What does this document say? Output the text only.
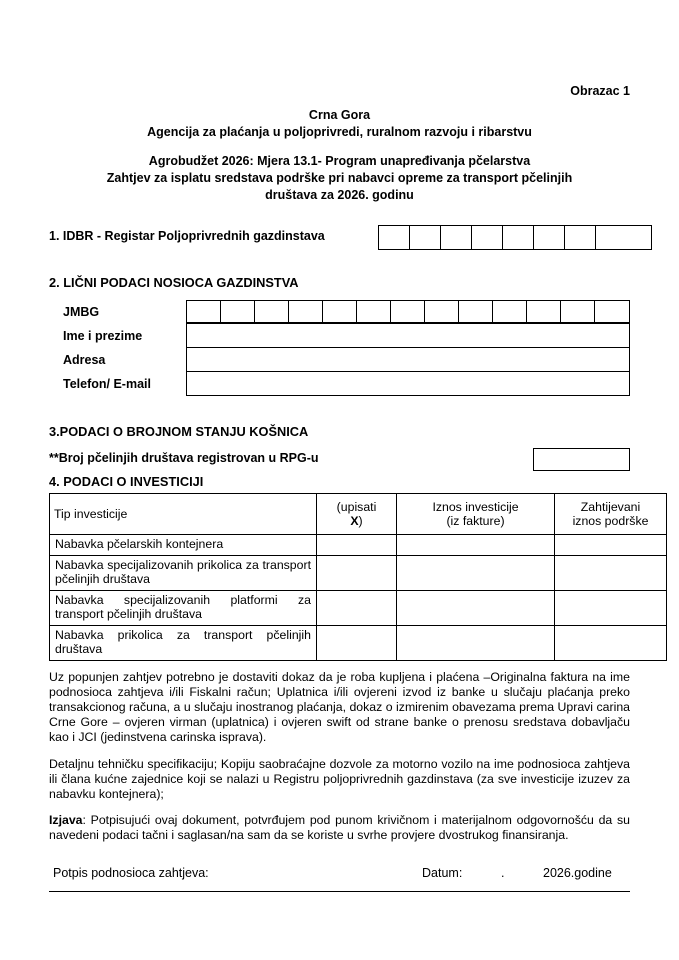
Obrazac 1
Crna Gora
Agencija za plaćanja u poljoprivredi, ruralnom razvoju i ribarstvu
Agrobudžet 2026: Mjera 13.1- Program unapređivanja pčelarstva
Zahtjev za isplatu sredstava podrške pri nabavci opreme za transport pčelinjih
društava za 2026. godinu
1. IDBR - Registar Poljoprivrednih gazdinstava
2. LIČNI PODACI NOSIOCA GAZDINSTVA
JMBG	

Ime i prezime	
Adresa	
Telefon/ E-mail	
3.PODACI O BROJNOM STANJU KOŠNICA
**Broj pčelinjih društava registrovan u RPG-u
4. PODACI O INVESTICIJI
Tip investicije	(upisati
X)

Iznos investicije
(iz fakture)

Zahtijevani
iznos podrške

Nabavka pčelarskih kontejnera			
Nabavka specijalizovanih prikolica za transport pčelinjih društava			
Nabavka specijalizovanih platformi za transport pčelinjih društava			
Nabavka prikolica za transport pčelinjih društava			
Uz popunjen zahtjev potrebno je dostaviti dokaz da je roba kupljena i plaćena –Originalna faktura na ime podnosioca zahtjeva i/ili Fiskalni račun; Uplatnica i/ili ovjereni izvod iz banke u slučaju plaćanja preko transakcionog računa, a u slučaju inostranog plaćanja, dokaz o izmirenim obavezama prema Upravi carina Crne Gore – ovjeren virman (uplatnica) i ovjeren swift od strane banke o prenosu sredstava dobavljaču kao i JCI (jedinstvena carinska isprava).
Detaljnu tehničku specifikaciju; Kopiju saobraćajne dozvole za motorno vozilo na ime podnosioca zahtjeva ili člana kućne zajednice koji se nalazi u Registru poljoprivrednih gazdinstava (za sve investicije izuzev za nabavku kontejnera);
Izjava: Potpisujući ovaj dokument, potvrđujem pod punom krivičnom i materijalnom odgovornošću da su navedeni podaci tačni i saglasan/na sam da se koriste u svrhe provjere dvostrukog finansiranja.
Potpis podnosioca zahtjeva:	Datum:	.	2026.godine
